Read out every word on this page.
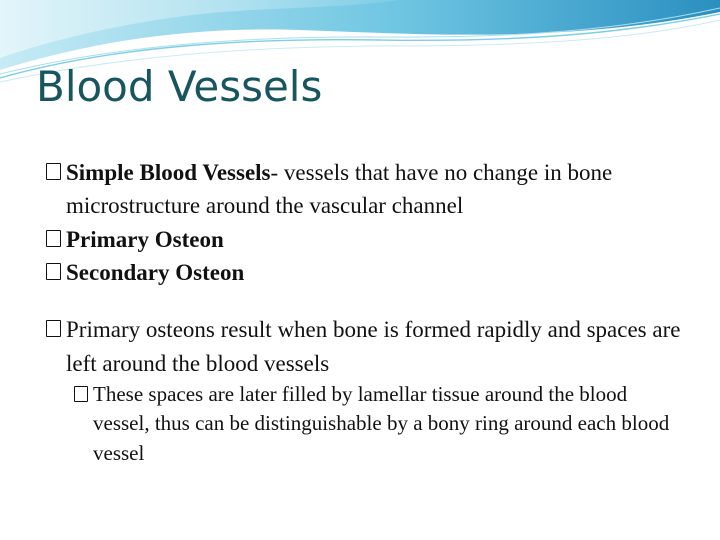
Blood Vessels
Simple Blood Vessels- vessels that have no change in bone microstructure around the vascular channel
Primary Osteon
Secondary Osteon
Primary osteons result when bone is formed rapidly and spaces are left around the blood vessels
These spaces are later filled by lamellar tissue around the blood vessel, thus can be distinguishable by a bony ring around each blood vessel
